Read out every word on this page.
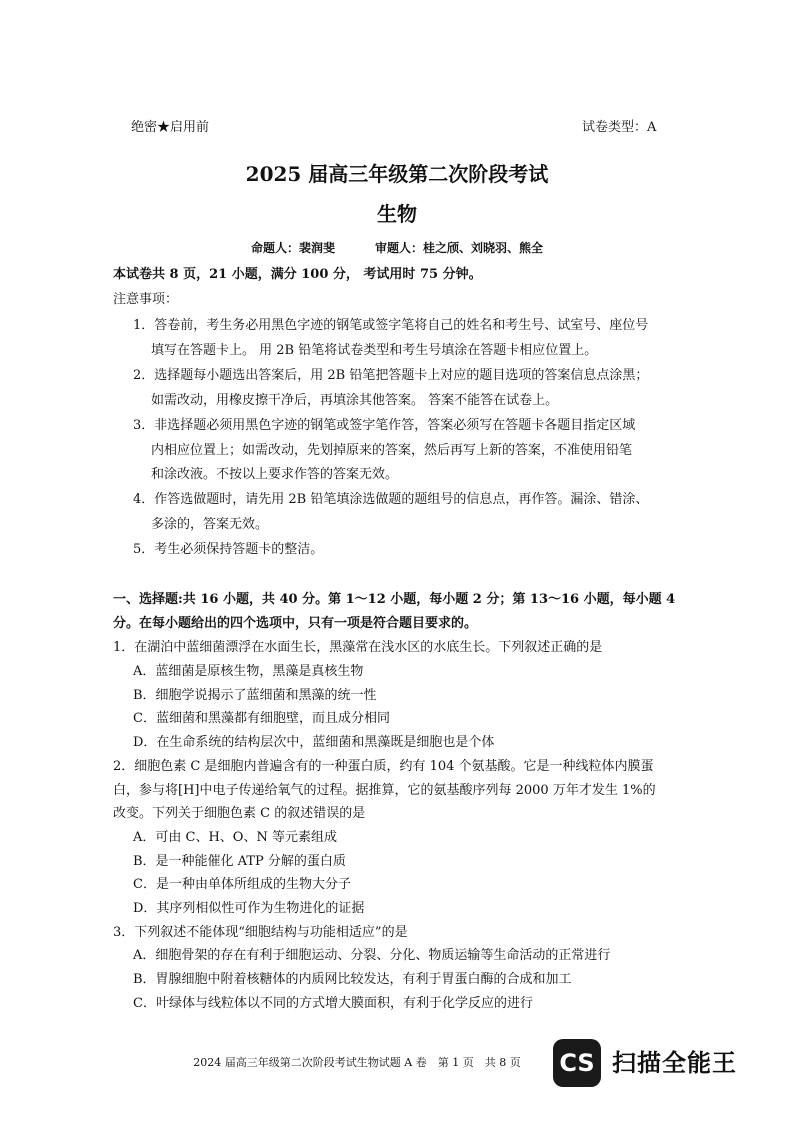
绝密★启用前	试卷类型：A
2025 届高三年级第二次阶段考试
生物
命题人：裴润斐	审题人：桂之颀、刘晓羽、熊全
本试卷共 8 页，21 小题，满分 100 分， 考试用时 75 分钟。
注意事项：
1．答卷前，考生务必用黑色字迹的钢笔或签字笔将自己的姓名和考生号、试室号、座位号
填写在答题卡上。 用 2B 铅笔将试卷类型和考生号填涂在答题卡相应位置上。
2．选择题每小题选出答案后，用 2B 铅笔把答题卡上对应的题目选项的答案信息点涂黑；
如需改动，用橡皮擦干净后，再填涂其他答案。 答案不能答在试卷上。
3．非选择题必须用黑色字迹的钢笔或签字笔作答，答案必须写在答题卡各题目指定区域
内相应位置上；如需改动，先划掉原来的答案，然后再写上新的答案，不准使用铅笔
和涂改液。不按以上要求作答的答案无效。
4．作答选做题时，请先用 2B 铅笔填涂选做题的题组号的信息点，再作答。漏涂、错涂、
多涂的，答案无效。
5．考生必须保持答题卡的整洁。
一、选择题:共 16 小题，共 40 分。第 1～12 小题，每小题 2 分；第 13～16 小题，每小题 4
分。在每小题给出的四个选项中，只有一项是符合题目要求的。
1．在湖泊中蓝细菌漂浮在水面生长，黑藻常在浅水区的水底生长。下列叙述正确的是
A．蓝细菌是原核生物，黑藻是真核生物
B．细胞学说揭示了蓝细菌和黑藻的统一性
C．蓝细菌和黑藻都有细胞壁，而且成分相同
D．在生命系统的结构层次中，蓝细菌和黑藻既是细胞也是个体
2．细胞色素 C 是细胞内普遍含有的一种蛋白质，约有 104 个氨基酸。它是一种线粒体内膜蛋
白，参与将[H]中电子传递给氧气的过程。据推算，它的氨基酸序列每 2000 万年才发生 1%的
改变。下列关于细胞色素 C 的叙述错误的是
A．可由 C、H、O、N 等元素组成
B．是一种能催化 ATP 分解的蛋白质
C．是一种由单体所组成的生物大分子
D．其序列相似性可作为生物进化的证据
3．下列叙述不能体现“细胞结构与功能相适应”的是
A．细胞骨架的存在有利于细胞运动、分裂、分化、物质运输等生命活动的正常进行
B．胃腺细胞中附着核糖体的内质网比较发达，有利于胃蛋白酶的合成和加工
C．叶绿体与线粒体以不同的方式增大膜面积，有利于化学反应的进行
2024 届高三年级第二次阶段考试生物试题 A 卷　第 1 页　共 8 页	CS 扫描全能王
